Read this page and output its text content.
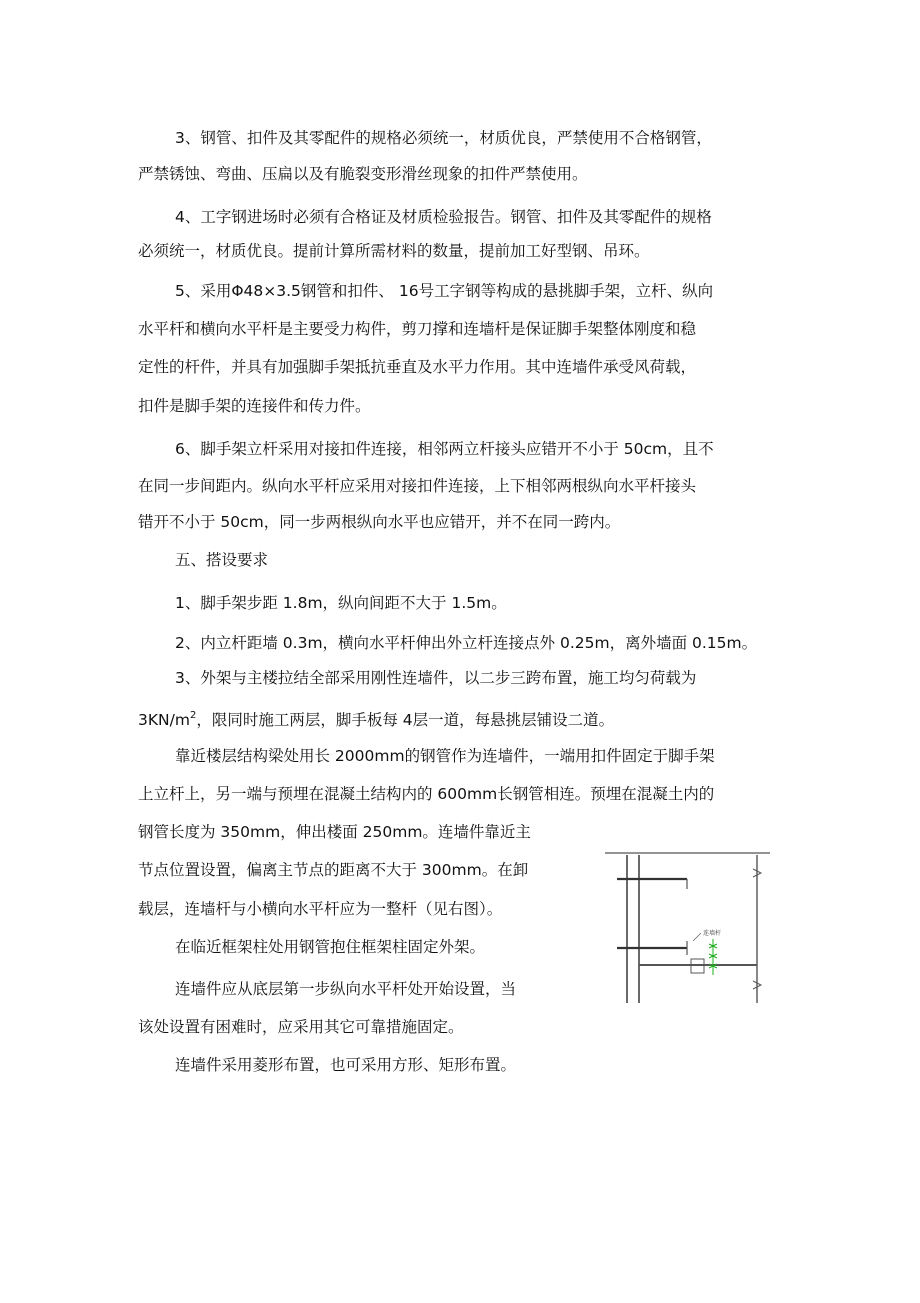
3、钢管、扣件及其零配件的规格必须统一，材质优良，严禁使用不合格钢管，
严禁锈蚀、弯曲、压扁以及有脆裂变形滑丝现象的扣件严禁使用。
4、工字钢进场时必须有合格证及材质检验报告。钢管、扣件及其零配件的规格
必须统一，材质优良。提前计算所需材料的数量，提前加工好型钢、吊环。
5、采用Φ48×3.5钢管和扣件、 16号工字钢等构成的悬挑脚手架，立杆、纵向
水平杆和横向水平杆是主要受力构件，剪刀撑和连墙杆是保证脚手架整体刚度和稳
定性的杆件，并具有加强脚手架抵抗垂直及水平力作用。其中连墙件承受风荷载，
扣件是脚手架的连接件和传力件。
6、脚手架立杆采用对接扣件连接，相邻两立杆接头应错开不小于 50cm，且不
在同一步间距内。纵向水平杆应采用对接扣件连接，上下相邻两根纵向水平杆接头
错开不小于 50cm，同一步两根纵向水平也应错开，并不在同一跨内。
五、搭设要求
1、脚手架步距 1.8m，纵向间距不大于 1.5m。
2、内立杆距墙 0.3m，横向水平杆伸出外立杆连接点外 0.25m，离外墙面 0.15m。
3、外架与主楼拉结全部采用刚性连墙件，以二步三跨布置，施工均匀荷载为
$3KN/m^2$，限同时施工两层，脚手板每 4层一道，每悬挑层铺设二道。
靠近楼层结构梁处用长 2000mm的钢管作为连墙件，一端用扣件固定于脚手架
上立杆上，另一端与预埋在混凝土结构内的 600mm长钢管相连。预埋在混凝土内的
钢管长度为 350mm，伸出楼面 250mm。连墙件靠近主
节点位置设置，偏离主节点的距离不大于 300mm。在卸
载层，连墙杆与小横向水平杆应为一整杆（见右图）。
在临近框架柱处用钢管抱住框架柱固定外架。
连墙件应从底层第一步纵向水平杆处开始设置，当
该处设置有困难时，应采用其它可靠措施固定。
连墙件采用菱形布置，也可采用方形、矩形布置。
连墙杆
